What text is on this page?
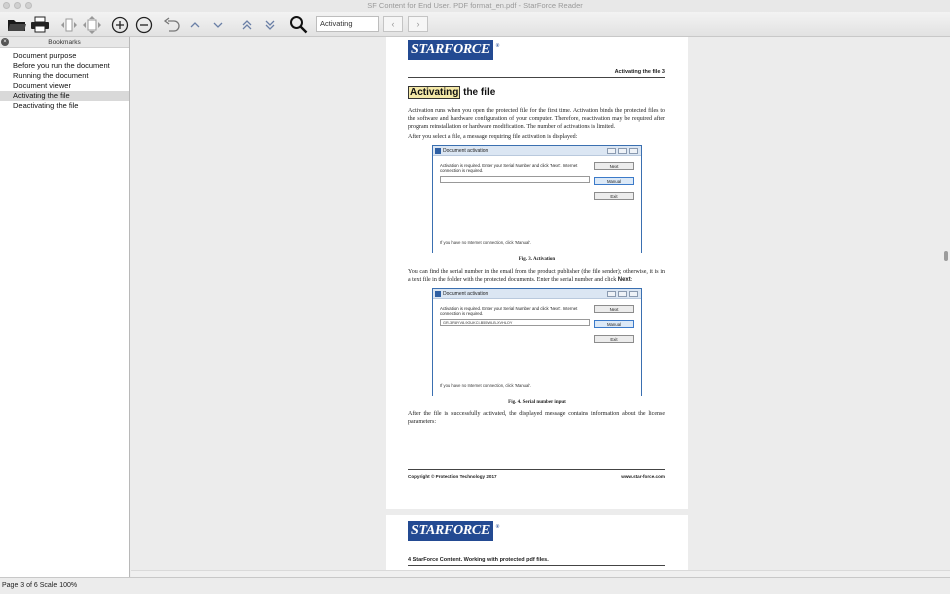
SF Content for End User. PDF format_en.pdf - StarForce Reader
Activating	‹ ›
×	Bookmarks
Document purpose
Before you run the document
Running the document
Document viewer
Activating the file
Deactivating the file
STARFORCE ®
Activating the file 3
Activating the file
Activation runs when you open the protected file for the first time. Activation binds the protected files to the software and hardware configuration of your computer. Therefore, reactivation may be required after program reinstallation or hardware modification. The number of activations is limited.
After you select a file, a message requiring file activation is displayed:
Document activation
Activation is required. Enter your Serial Number and click 'Next'. Internet connection is required.
Next
Manual
Exit
If you have no Internet connection, click 'Manual'.
Fig. 3. Activation
You can find the serial number in the email from the product publisher (the file sender); otherwise, it is in a text file in the folder with the protected documents. Enter the serial number and click Next:
Document activation
Activation is required. Enter your Serial Number and click 'Next'. Internet connection is required.
GR-3R8YV8-9GUKCI-B55WLB-XVHLOY
Next
Manual
Exit
If you have no Internet connection, click 'Manual'.
Fig. 4. Serial number input
After the file is successfully activated, the displayed message contains information about the license parameters:
Copyright © Protection Technology 2017	www.star-force.com
STARFORCE ®
4 StarForce Content. Working with protected pdf files.
Page 3 of 6 Scale 100%
